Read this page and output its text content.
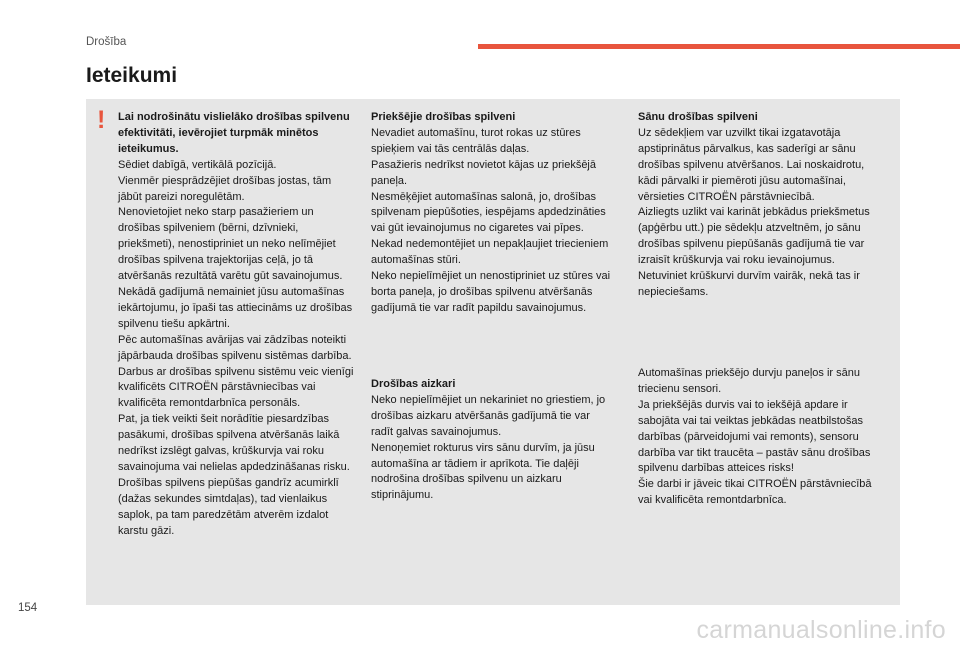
Drošība
Ieteikumi
! Lai nodrošinātu vislielāko drošības spilvenu efektivitāti, ievērojiet turpmāk minētos ieteikumus.

Sēdiet dabīgā, vertikālā pozīcijā.
Vienmēr piesprādzējiet drošības jostas, tām jābūt pareizi noregulētām.
Nenovietojiet neko starp pasažieriem un drošības spilveniem (bērni, dzīvnieki, priekšmeti), nenostipriniet un neko nelīmējiet drošības spilvena trajektorijas ceļā, jo tā atvēršanās rezultātā varētu gūt savainojumus.
Nekādā gadījumā nemainiet jūsu automašīnas iekārtojumu, jo īpaši tas attiecināms uz drošības spilvenu tiešu apkārtni.
Pēc automašīnas avārijas vai zādzības noteikti jāpārbauda drošības spilvenu sistēmas darbība.
Darbus ar drošības spilvenu sistēmu veic vienīgi kvalificēts CITROËN pārstāvniecības vai kvalificēta remontdarbnīca personāls.
Pat, ja tiek veikti šeit norādītie piesardzības pasākumi, drošības spilvena atvēršanās laikā nedrīkst izslēgt galvas, krūškurvja vai roku savainojuma vai nelielas apdedzināšanas risku. Drošības spilvens piepūšas gandrīz acumirklī (dažas sekundes simtdaļas), tad vienlaikus saplok, pa tam paredzētām atverēm izdalot karstu gāzi.

Priekšējie drošības spilveni

Nevadiet automašīnu, turot rokas uz stūres spieķiem vai tās centrālās daļas.
Pasažieris nedrīkst novietot kājas uz priekšējā paneļa.
Nesmēķējiet automašīnas salonā, jo, drošības spilvenam piepūšoties, iespējams apdedzināties vai gūt ievainojumus no cigaretes vai pīpes.
Nekad nedemontējiet un nepakļaujiet triecieniem automašīnas stūri.
Neko nepielīmējiet un nenostipriniet uz stūres vai borta paneļa, jo drošības spilvenu atvēršanās gadījumā tie var radīt papildu savainojumus.

Drošības aizkari

Neko nepielīmējiet un nekariniet no griestiem, jo drošības aizkaru atvēršanās gadījumā tie var radīt galvas savainojumus.
Nenoņemiet rokturus virs sānu durvīm, ja jūsu automašīna ar tādiem ir aprīkota. Tie daļēji nodrošina drošības spilvenu un aizkaru stiprinājumu.

Sānu drošības spilveni

Uz sēdekļiem var uzvilkt tikai izgatavotāja apstiprinātus pārvalkus, kas saderīgi ar sānu drošības spilvenu atvēršanos. Lai noskaidrotu, kādi pārvalki ir piemēroti jūsu automašīnai, vērsieties CITROËN pārstāvniecībā.
Aizliegts uzlikt vai karināt jebkādus priekšmetus (apģērbu utt.) pie sēdekļu atzveltnēm, jo sānu drošības spilvenu piepūšanās gadījumā tie var izraisīt krūškurvja vai roku ievainojumus.
Netuviniet krūškurvi durvīm vairāk, nekā tas ir nepieciešams.

Automašīnas priekšējo durvju paneļos ir sānu triecienu sensori.
Ja priekšējās durvis vai to iekšējā apdare ir sabojāta vai tai veiktas jebkādas neatbilstošas darbības (pārveidojumi vai remonts), sensoru darbība var tikt traucēta – pastāv sānu drošības spilvenu darbības atteices risks!
Šie darbi ir jāveic tikai CITROËN pārstāvniecībā vai kvalificēta remontdarbnīca.

154
carmanualsonline.info
